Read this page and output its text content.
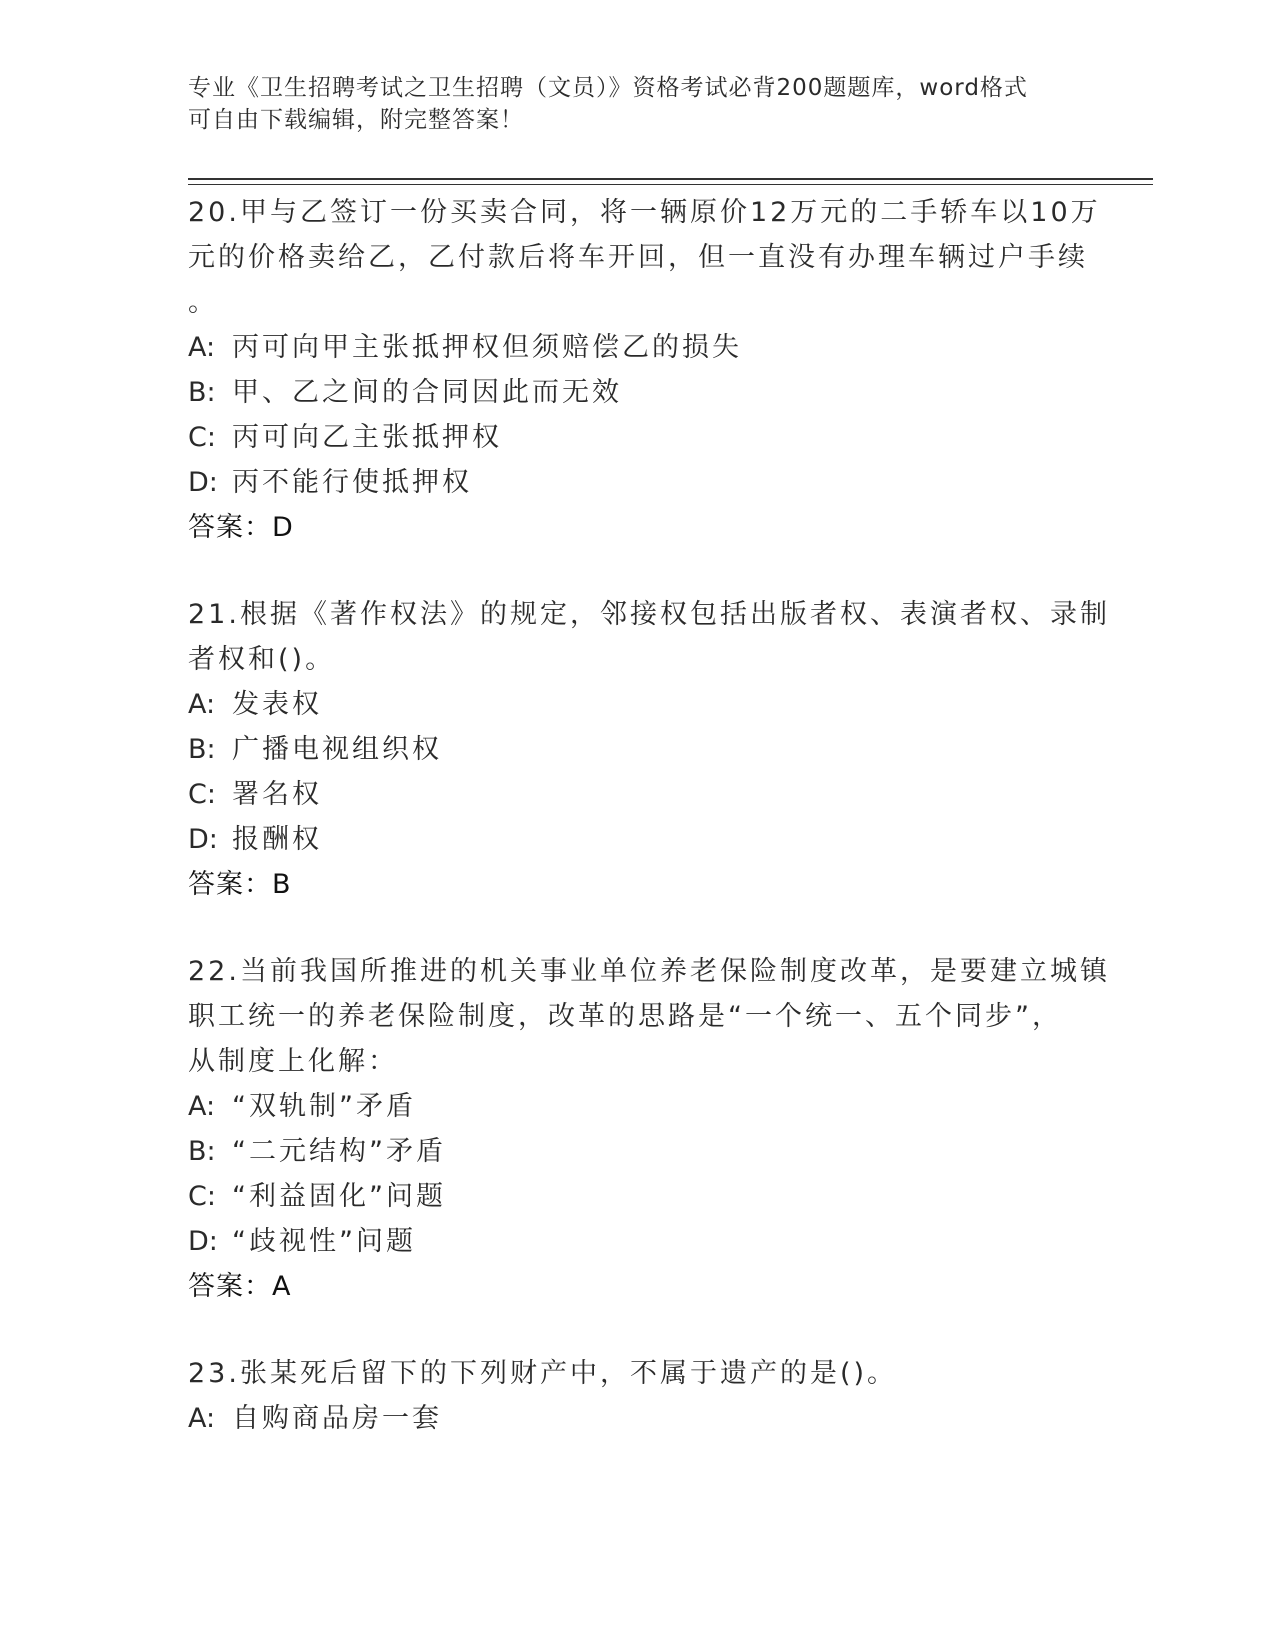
专业《卫生招聘考试之卫生招聘（文员）》资格考试必背200题题库，word格式
可自由下载编辑，附完整答案！
20.甲与乙签订一份买卖合同，将一辆原价12万元的二手轿车以10万
元的价格卖给乙，乙付款后将车开回，但一直没有办理车辆过户手续
。
A: 丙可向甲主张抵押权但须赔偿乙的损失
B: 甲、乙之间的合同因此而无效
C: 丙可向乙主张抵押权
D: 丙不能行使抵押权
答案：D
21.根据《著作权法》的规定，邻接权包括出版者权、表演者权、录制
者权和()。
A: 发表权
B: 广播电视组织权
C: 署名权
D: 报酬权
答案：B
22.当前我国所推进的机关事业单位养老保险制度改革，是要建立城镇
职工统一的养老保险制度，改革的思路是“一个统一、五个同步”，
从制度上化解：
A: “双轨制”矛盾
B: “二元结构”矛盾
C: “利益固化”问题
D: “歧视性”问题
答案：A
23.张某死后留下的下列财产中，不属于遗产的是()。
A: 自购商品房一套
